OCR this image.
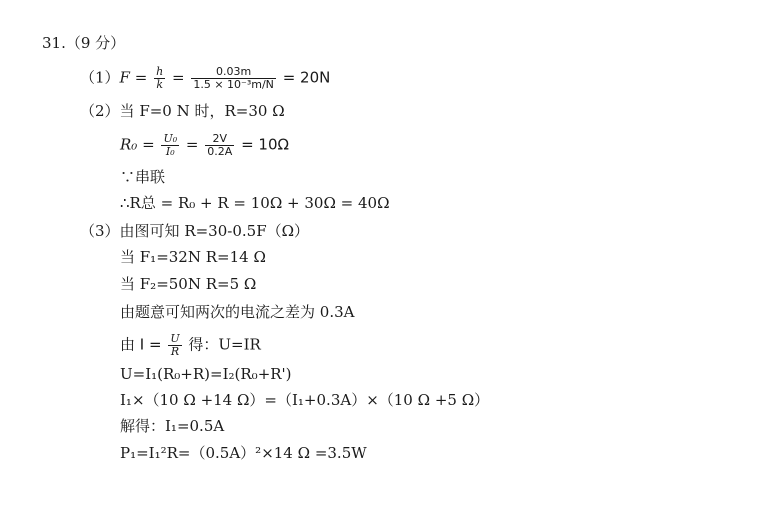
31.（9 分）
$(1)F = \frac{h}{k} = \frac{0.03m}{\text{1.5 × 10⁻³m/N}} = 20N$
（2）当 F=0 N 时，R=30 Ω
$R_0 = \frac{\text{U₀}}{\text{I₀}} = \frac{2V}{0.2A} = 10\Omega$
∵串联
∴R总 = R₀ + R = 10Ω + 30Ω = 40Ω
（3）由图可知 R=30-0.5F（Ω）
当 F₁=32N R=14 Ω
当 F₂=50N R=5 Ω
由题意可知两次的电流之差为 0.3A
由 $I = \frac{U}{R}$ 得：U=IR
U=I₁(R₀+R)=I₂(R₀+R')
I₁×（10 Ω +14 Ω）=（I₁+0.3A）×（10 Ω +5 Ω）
解得：I₁=0.5A
P₁=I₁²R=（0.5A）²×14 Ω =3.5W
